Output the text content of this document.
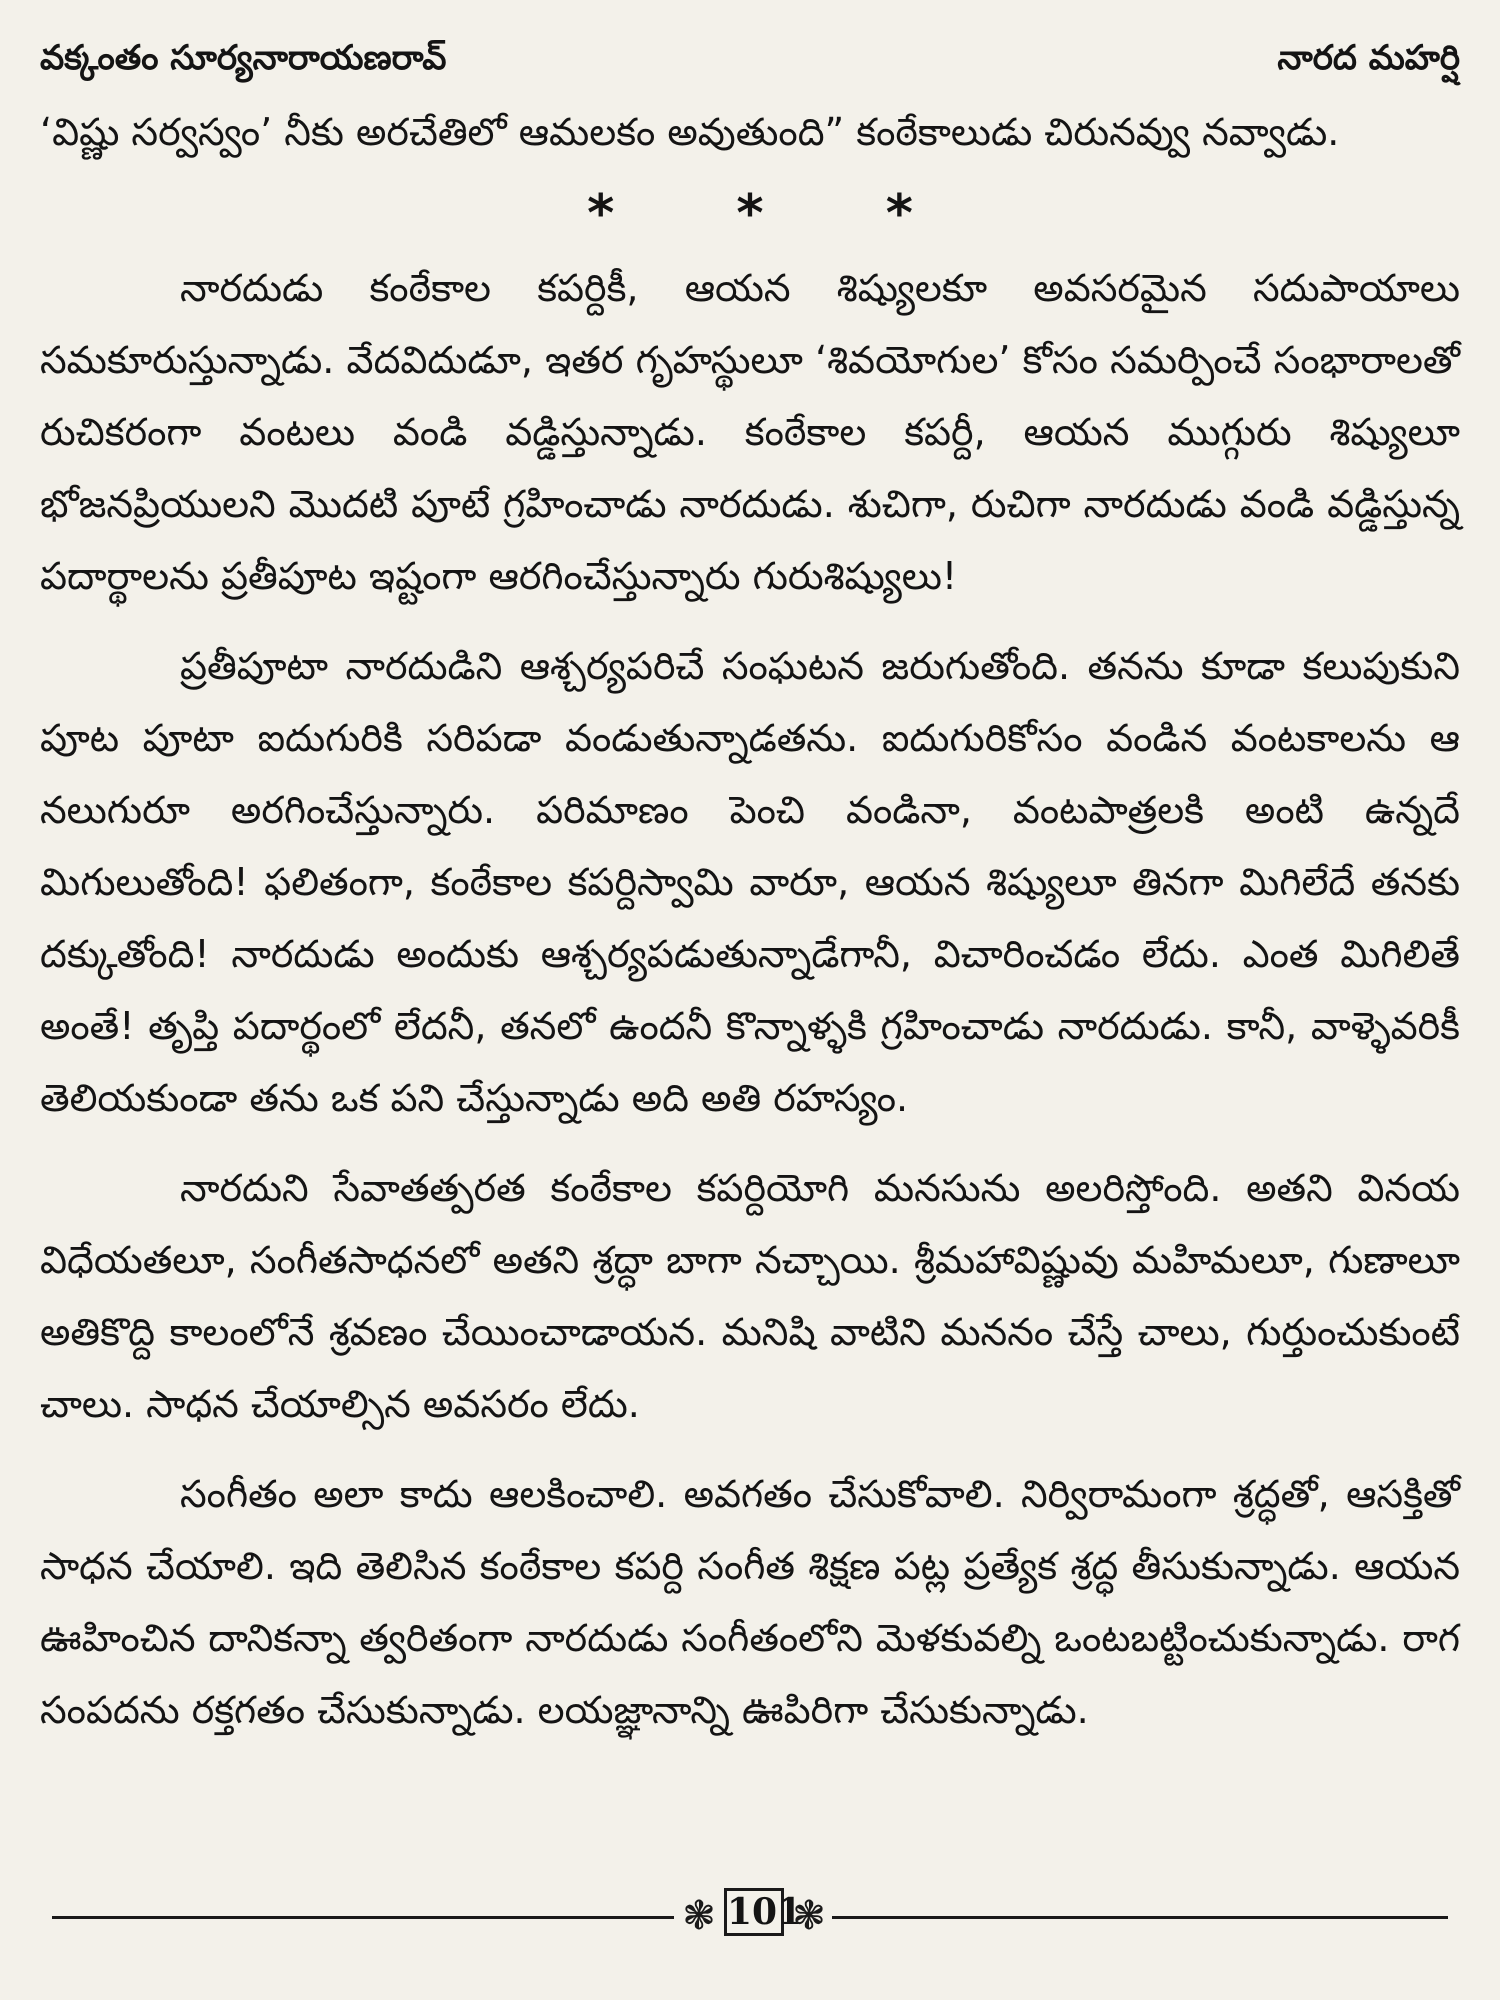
వక్కంతం సూర్యనారాయణరావ్	నారద మహర్షి

‘విష్ణు సర్వస్వం’ నీకు అరచేతిలో ఆమలకం అవుతుంది” కంఠేకాలుడు చిరునవ్వు నవ్వాడు.

* * *

నారదుడు కంఠేకాల కపర్దికీ, ఆయన శిష్యులకూ అవసరమైన సదుపాయాలు సమకూరుస్తున్నాడు. వేదవిదుడూ, ఇతర గృహస్థులూ ‘శివయోగుల’ కోసం సమర్పించే సంభారాలతో రుచికరంగా వంటలు వండి వడ్డిస్తున్నాడు. కంఠేకాల కపర్దీ, ఆయన ముగ్గురు శిష్యులూ భోజనప్రియులని మొదటి పూటే గ్రహించాడు నారదుడు. శుచిగా, రుచిగా నారదుడు వండి వడ్డిస్తున్న పదార్థాలను ప్రతీపూట ఇష్టంగా ఆరగించేస్తున్నారు గురుశిష్యులు!

ప్రతీపూటా నారదుడిని ఆశ్చర్యపరిచే సంఘటన జరుగుతోంది. తనను కూడా కలుపుకుని పూట పూటా ఐదుగురికి సరిపడా వండుతున్నాడతను. ఐదుగురికోసం వండిన వంటకాలను ఆ నలుగురూ అరగించేస్తున్నారు. పరిమాణం పెంచి వండినా, వంటపాత్రలకి అంటి ఉన్నదే మిగులుతోంది! ఫలితంగా, కంఠేకాల కపర్దిస్వామి వారూ, ఆయన శిష్యులూ తినగా మిగిలేదే తనకు దక్కుతోంది! నారదుడు అందుకు ఆశ్చర్యపడుతున్నాడేగానీ, విచారించడం లేదు. ఎంత మిగిలితే అంతే! తృప్తి పదార్థంలో లేదనీ, తనలో ఉందనీ కొన్నాళ్ళకి గ్రహించాడు నారదుడు. కానీ, వాళ్ళెవరికీ తెలియకుండా తను ఒక పని చేస్తున్నాడు అది అతి రహస్యం.

నారదుని సేవాతత్పరత కంఠేకాల కపర్దియోగి మనసును అలరిస్తోంది. అతని వినయ విధేయతలూ, సంగీతసాధనలో అతని శ్రద్ధా బాగా నచ్చాయి. శ్రీమహావిష్ణువు మహిమలూ, గుణాలూ అతికొద్ది కాలంలోనే శ్రవణం చేయించాడాయన. మనిషి వాటిని మననం చేస్తే చాలు, గుర్తుంచుకుంటే చాలు. సాధన చేయాల్సిన అవసరం లేదు.

సంగీతం అలా కాదు ఆలకించాలి. అవగతం చేసుకోవాలి. నిర్విరామంగా శ్రద్ధతో, ఆసక్తితో సాధన చేయాలి. ఇది తెలిసిన కంఠేకాల కపర్ది సంగీత శిక్షణ పట్ల ప్రత్యేక శ్రద్ధ తీసుకున్నాడు. ఆయన ఊహించిన దానికన్నా త్వరితంగా నారదుడు సంగీతంలోని మెళకువల్ని ఒంటబట్టించుకున్నాడు. రాగ సంపదను రక్తగతం చేసుకున్నాడు. లయజ్ఞానాన్ని ఊపిరిగా చేసుకున్నాడు.

❃ 101
❃
